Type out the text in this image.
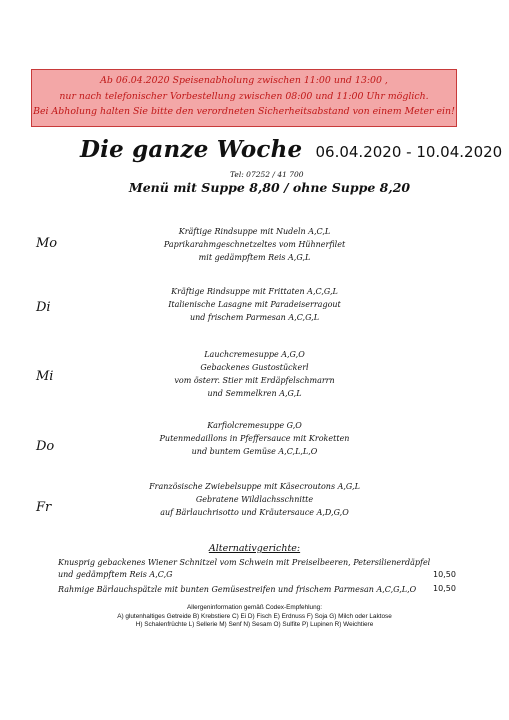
Ab 06.04.2020 Speisenabholung zwischen 11:00 und 13:00 ,
nur nach telefonischer Vorbestellung zwischen 08:00 und 11:00 Uhr möglich.
Bei Abholung halten Sie bitte den verordneten Sicherheitsabstand von einem Meter ein!
Die ganze Woche 06.04.2020 - 10.04.2020
Tel: 07252 / 41 700
Menü mit Suppe 8,80 / ohne Suppe 8,20
Mo
Kräftige Rindsuppe mit Nudeln A,C,L
Paprikarahmgeschnetzeltes vom Hühnerfilet
mit gedämpftem Reis A,G,L
Di
Kräftige Rindsuppe mit Frittaten A,C,G,L
Italienische Lasagne mit Paradeiserragout
und frischem Parmesan A,C,G,L
Mi
Lauchcremesuppe A,G,O
Gebackenes Gustostückerl
vom österr. Stier mit Erdäpfelschmarrn
und Semmelkren A,G,L
Do
Karfiolcremesuppe G,O
Putenmedaillons in Pfeffersauce mit Kroketten
und buntem Gemüse A,C,L,L,O
Fr
Französische Zwiebelsuppe mit Käsecroutons A,G,L
Gebratene Wildlachsschnitte
auf Bärlauchrisotto und Kräutersauce A,D,G,O
Alternativgerichte:
Knusprig gebackenes Wiener Schnitzel vom Schwein mit Preiselbeeren, Petersilienerdäpfel
und gedämpftem Reis A,C,G	10,50
Rahmige Bärlauchspätzle mit bunten Gemüsestreifen und frischem Parmesan A,C,G,L,O	10,50
Allergeninformation gemäß Codex-Empfehlung:
A) glutenhaltiges Getreide B) Krebstiere C) Ei D) Fisch E) Erdnuss F) Soja G) Milch oder Laktose
H) Schalenfrüchte L) Sellerie M) Senf N) Sesam O) Sulfite P) Lupinen R) Weichtiere
